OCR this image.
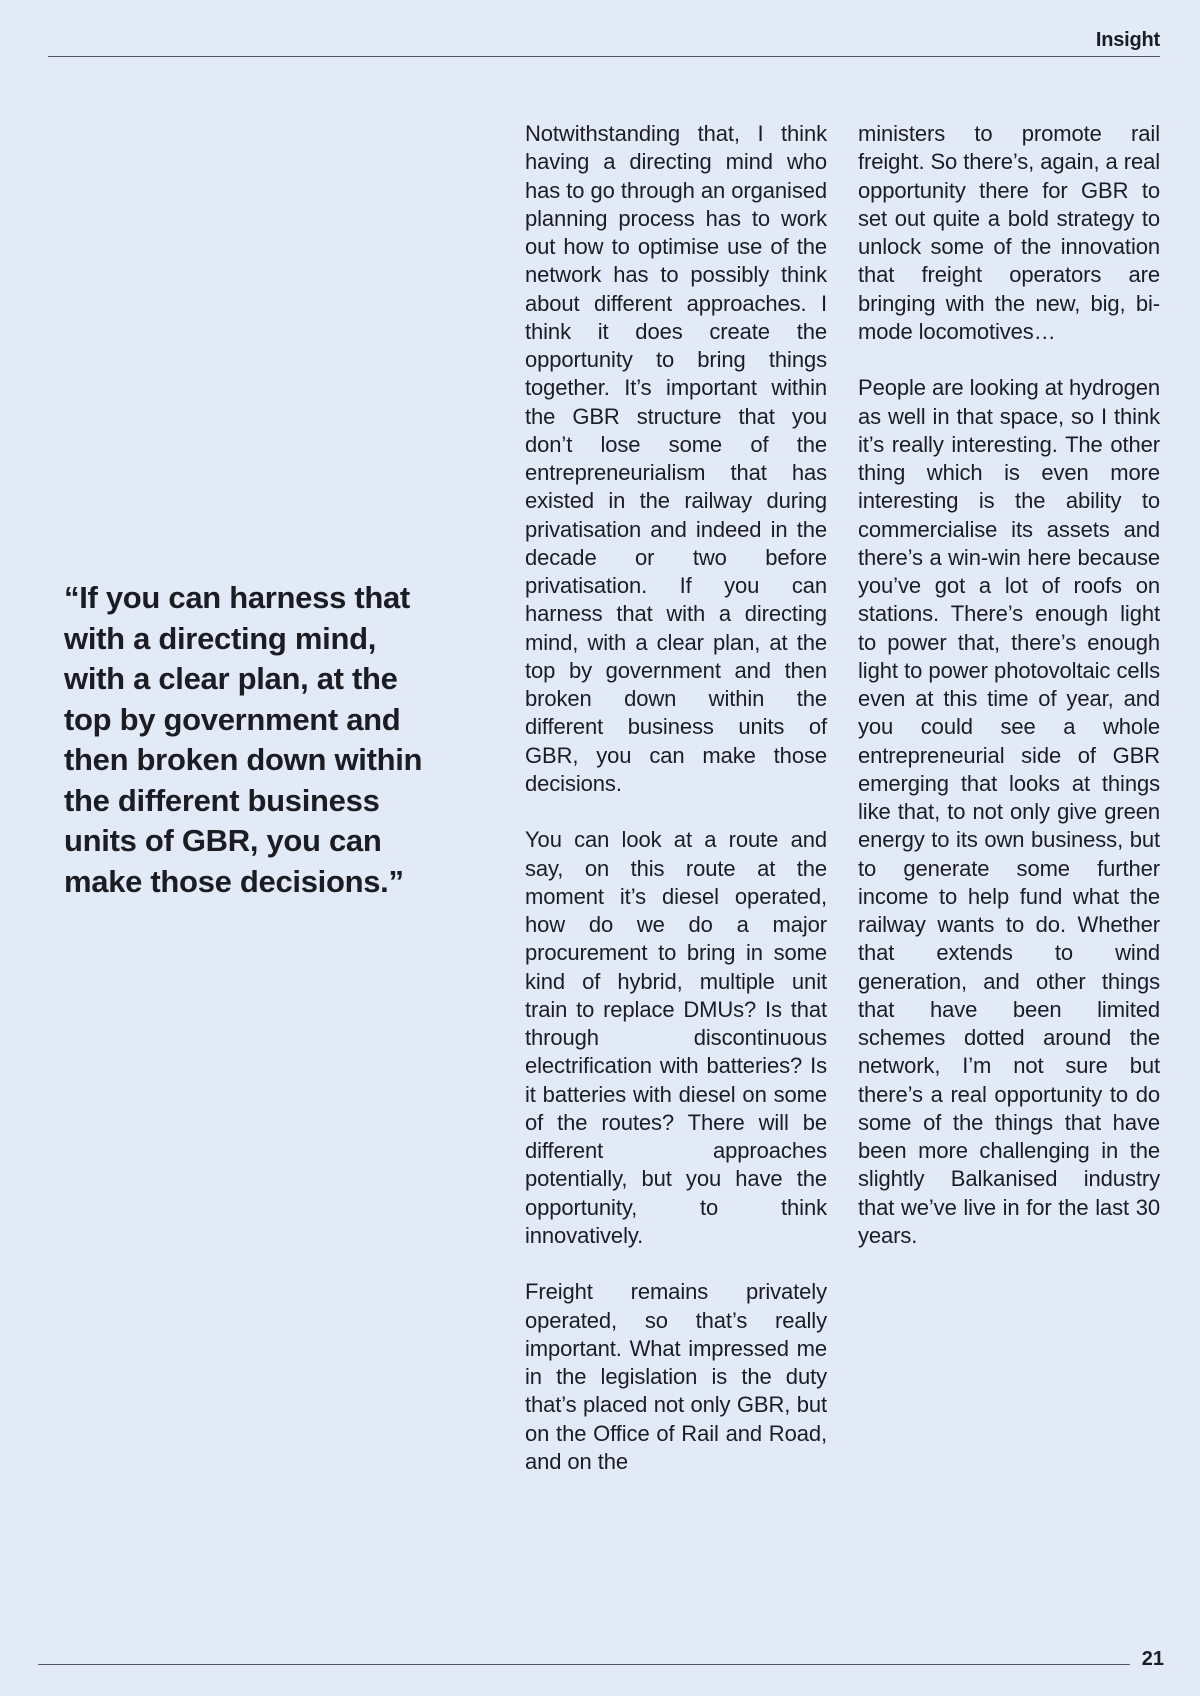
Insight

“If you can harness that with a directing mind, with a clear plan, at the top by government and then broken down within the different business units of GBR, you can make those decisions.”

Notwithstanding that, I think having a directing mind who has to go through an organised planning process has to work out how to optimise use of the network has to possibly think about different approaches. I think it does create the opportunity to bring things together. It’s important within the GBR structure that you don’t lose some of the entrepreneurialism that has existed in the railway during privatisation and indeed in the decade or two before privatisation. If you can harness that with a directing mind, with a clear plan, at the top by government and then broken down within the different business units of GBR, you can make those decisions.

You can look at a route and say, on this route at the moment it’s diesel operated, how do we do a major procurement to bring in some kind of hybrid, multiple unit train to replace DMUs? Is that through discontinuous electrification with batteries? Is it batteries with diesel on some of the routes? There will be different approaches potentially, but you have the opportunity, to think innovatively.

Freight remains privately operated, so that’s really important. What impressed me in the legislation is the duty that’s placed not only GBR, but on the Office of Rail and Road, and on the

ministers to promote rail freight. So there’s, again, a real opportunity there for GBR to set out quite a bold strategy to unlock some of the innovation that freight operators are bringing with the new, big, bi-mode locomotives…

People are looking at hydrogen as well in that space, so I think it’s really interesting. The other thing which is even more interesting is the ability to commercialise its assets and there’s a win-win here because you’ve got a lot of roofs on stations. There’s enough light to power that, there’s enough light to power photovoltaic cells even at this time of year, and you could see a whole entrepreneurial side of GBR emerging that looks at things like that, to not only give green energy to its own business, but to generate some further income to help fund what the railway wants to do. Whether that extends to wind generation, and other things that have been limited schemes dotted around the network, I’m not sure but there’s a real opportunity to do some of the things that have been more challenging in the slightly Balkanised industry that we’ve live in for the last 30 years.

21
